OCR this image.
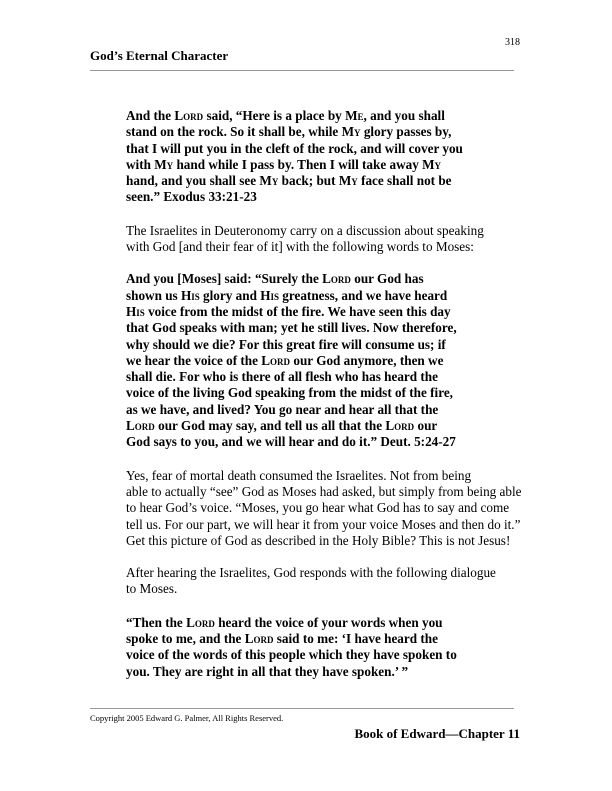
318
God’s Eternal Character
And the Lord said, “Here is a place by Me, and you shall
stand on the rock. So it shall be, while My glory passes by,
that I will put you in the cleft of the rock, and will cover you
with My hand while I pass by. Then I will take away My
hand, and you shall see My back; but My face shall not be
seen.” Exodus 33:21-23
The Israelites in Deuteronomy carry on a discussion about speaking
with God [and their fear of it] with the following words to Moses:
And you [Moses] said: “Surely the Lord our God has
shown us His glory and His greatness, and we have heard
His voice from the midst of the fire. We have seen this day
that God speaks with man; yet he still lives. Now therefore,
why should we die? For this great fire will consume us; if
we hear the voice of the Lord our God anymore, then we
shall die. For who is there of all flesh who has heard the
voice of the living God speaking from the midst of the fire,
as we have, and lived? You go near and hear all that the
Lord our God may say, and tell us all that the Lord our
God says to you, and we will hear and do it.” Deut. 5:24-27
Yes, fear of mortal death consumed the Israelites. Not from being
able to actually “see” God as Moses had asked, but simply from being able
to hear God’s voice. “Moses, you go hear what God has to say and come
tell us. For our part, we will hear it from your voice Moses and then do it.”
Get this picture of God as described in the Holy Bible? This is not Jesus!
After hearing the Israelites, God responds with the following dialogue
to Moses.
“Then the Lord heard the voice of your words when you
spoke to me, and the Lord said to me: ‘I have heard the
voice of the words of this people which they have spoken to
you. They are right in all that they have spoken.’ ”
Copyright 2005 Edward G. Palmer, All Rights Reserved.
Book of Edward—Chapter 11
